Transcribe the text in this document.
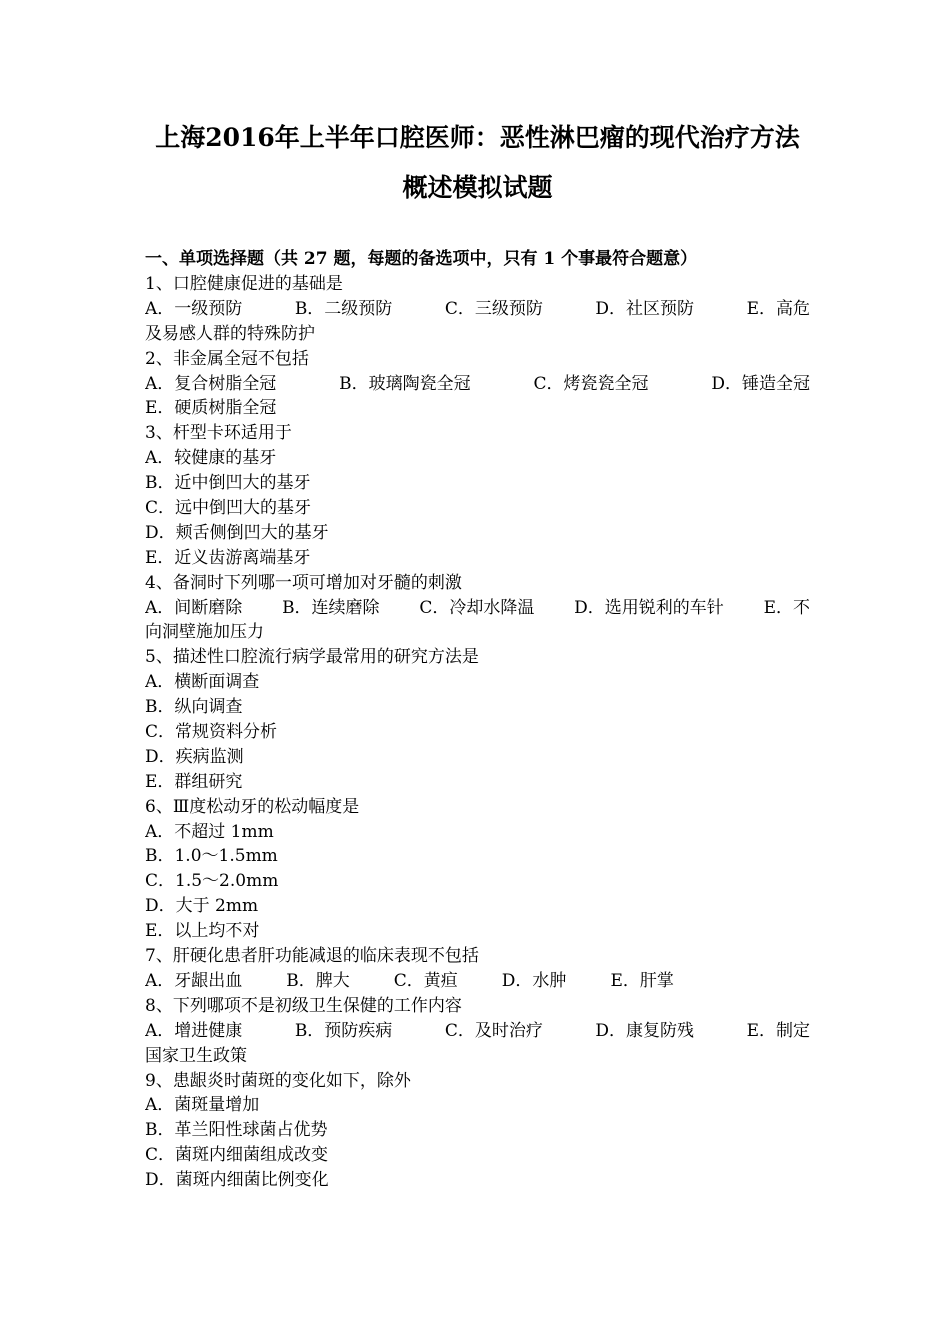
上海2016年上半年口腔医师：恶性淋巴瘤的现代治疗方法
概述模拟试题
一、单项选择题（共 27 题，每题的备选项中，只有 1 个事最符合题意）
1、口腔健康促进的基础是
A．一级预防	B．二级预防	C．三级预防	D．社区预防	E．高危
及易感人群的特殊防护
2、非金属全冠不包括
A．复合树脂全冠	B．玻璃陶瓷全冠	C．烤瓷瓷全冠	D．锤造全冠
E．硬质树脂全冠
3、杆型卡环适用于
A．较健康的基牙
B．近中倒凹大的基牙
C．远中倒凹大的基牙
D．颊舌侧倒凹大的基牙
E．近义齿游离端基牙
4、备洞时下列哪一项可增加对牙髓的刺激
A．间断磨除 B．连续磨除 C．冷却水降温 D．选用锐利的车针 E．不
向洞壁施加压力
5、描述性口腔流行病学最常用的研究方法是
A．横断面调查
B．纵向调查
C．常规资料分析
D．疾病监测
E．群组研究
6、Ⅲ度松动牙的松动幅度是
A．不超过 1mm
B．1.0～1.5mm
C．1.5～2.0mm
D．大于 2mm
E．以上均不对
7、肝硬化患者肝功能减退的临床表现不包括
A．牙龈出血	B．脾大	C．黄疸	D．水肿	E．肝掌
8、下列哪项不是初级卫生保健的工作内容
A．增进健康	B．预防疾病	C．及时治疗	D．康复防残	E．制定
国家卫生政策
9、患龈炎时菌斑的变化如下，除外
A．菌斑量增加
B．革兰阳性球菌占优势
C．菌斑内细菌组成改变
D．菌斑内细菌比例变化
